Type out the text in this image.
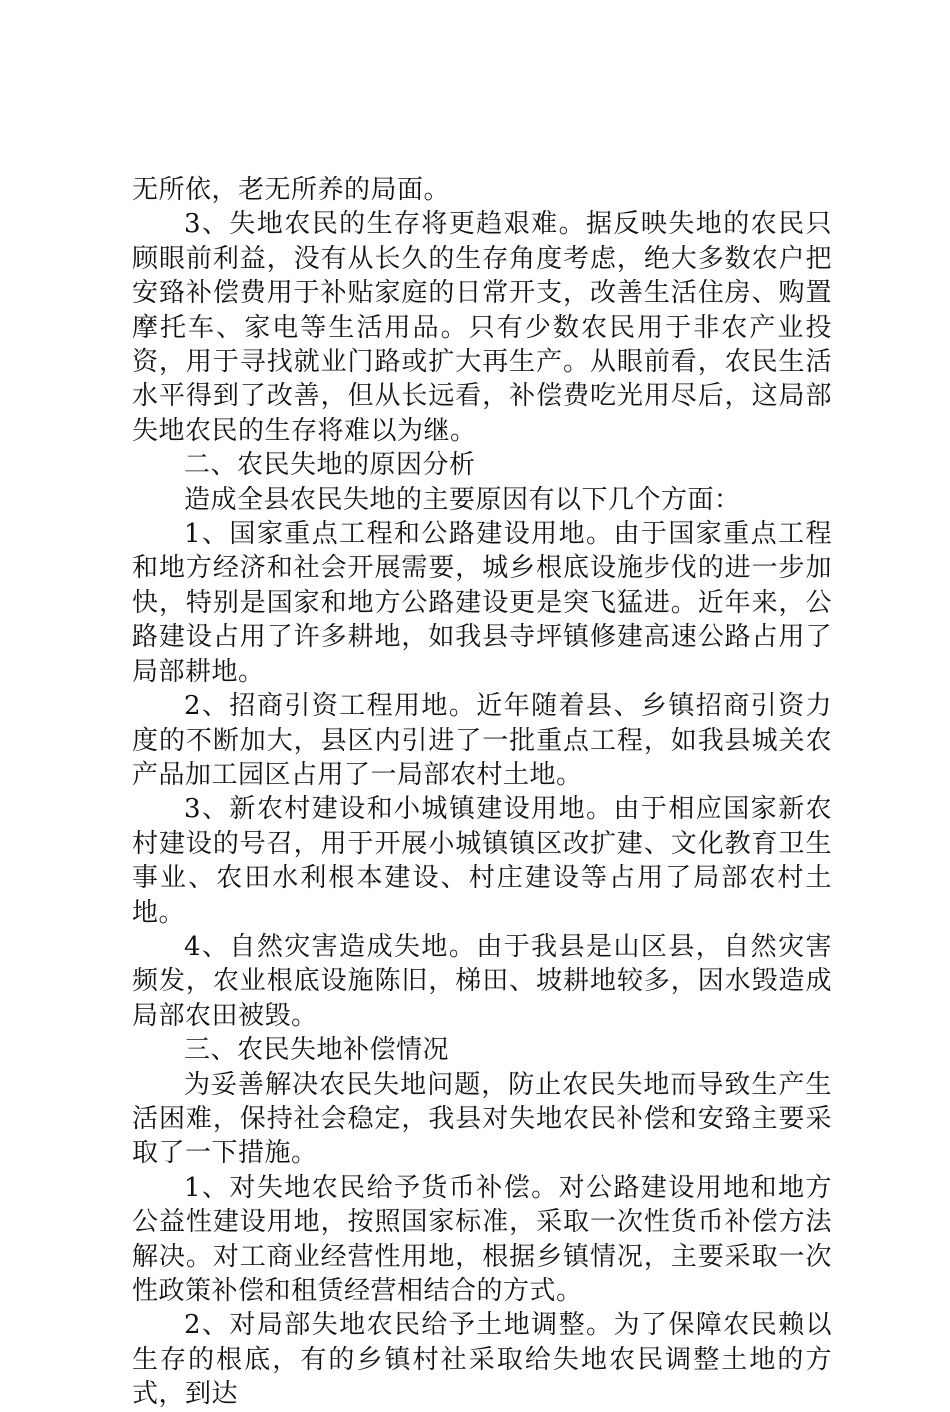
无所依，老无所养的局面。

3、失地农民的生存将更趋艰难。据反映失地的农民只顾眼前利益，没有从长久的生存角度考虑，绝大多数农户把安臵补偿费用于补贴家庭的日常开支，改善生活住房、购置摩托车、家电等生活用品。只有少数农民用于非农产业投资，用于寻找就业门路或扩大再生产。从眼前看，农民生活水平得到了改善，但从长远看，补偿费吃光用尽后，这局部失地农民的生存将难以为继。

二、农民失地的原因分析

造成全县农民失地的主要原因有以下几个方面：

1、国家重点工程和公路建设用地。由于国家重点工程和地方经济和社会开展需要，城乡根底设施步伐的进一步加快，特别是国家和地方公路建设更是突飞猛进。近年来，公路建设占用了许多耕地，如我县寺坪镇修建高速公路占用了局部耕地。

2、招商引资工程用地。近年随着县、乡镇招商引资力度的不断加大，县区内引进了一批重点工程，如我县城关农产品加工园区占用了一局部农村土地。

3、新农村建设和小城镇建设用地。由于相应国家新农村建设的号召，用于开展小城镇镇区改扩建、文化教育卫生事业、农田水利根本建设、村庄建设等占用了局部农村土地。

4、自然灾害造成失地。由于我县是山区县，自然灾害频发，农业根底设施陈旧，梯田、坡耕地较多，因水毁造成局部农田被毁。

三、农民失地补偿情况

为妥善解决农民失地问题，防止农民失地而导致生产生活困难，保持社会稳定，我县对失地农民补偿和安臵主要采取了一下措施。

1、对失地农民给予货币补偿。对公路建设用地和地方公益性建设用地，按照国家标准，采取一次性货币补偿方法解决。对工商业经营性用地，根据乡镇情况，主要采取一次性政策补偿和租赁经营相结合的方式。

2、对局部失地农民给予土地调整。为了保障农民赖以生存的根底，有的乡镇村社采取给失地农民调整土地的方式，到达
